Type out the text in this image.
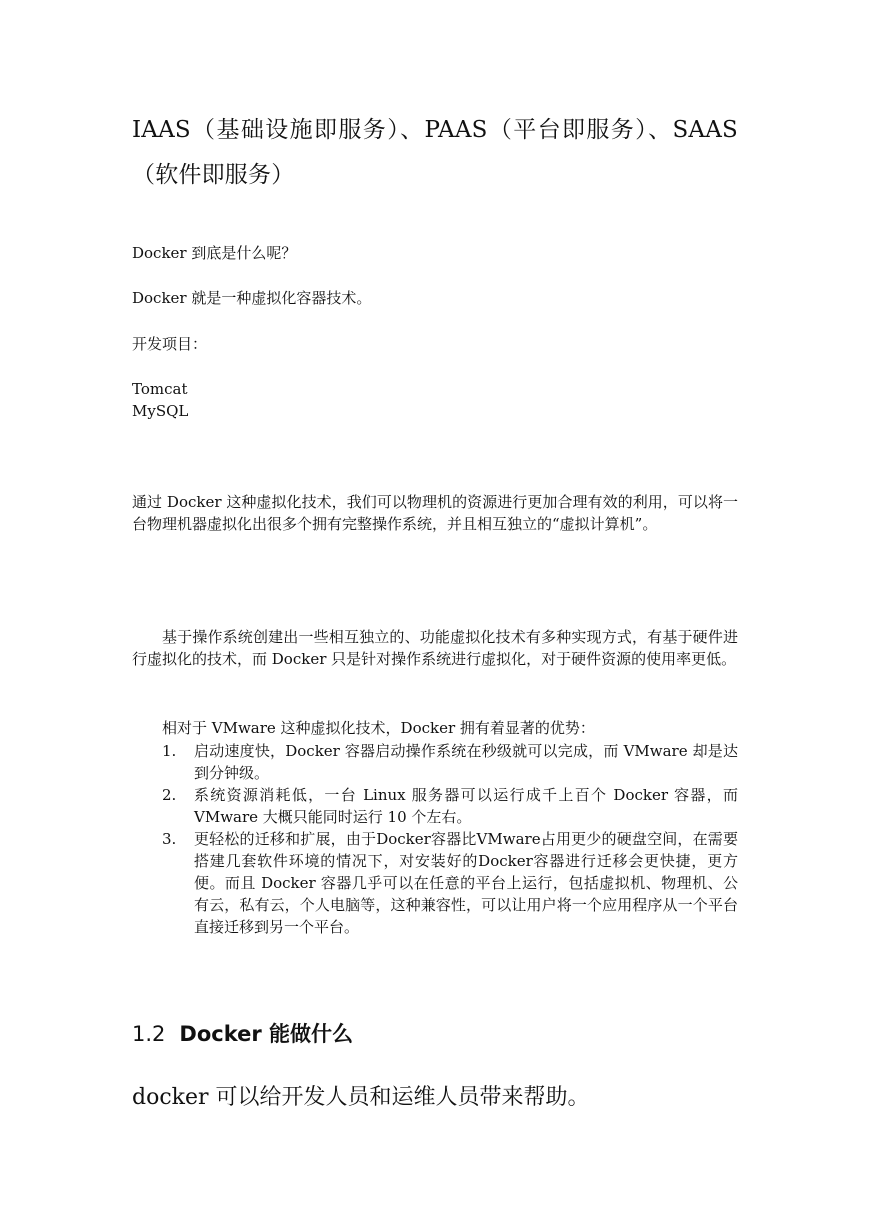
IAAS（基础设施即服务）、PAAS（平台即服务）、SAAS（软件即服务）

Docker 到底是什么呢？

Docker 就是一种虚拟化容器技术。

开发项目：

Tomcat
MySQL

通过 Docker 这种虚拟化技术，我们可以物理机的资源进行更加合理有效的利用，可以将一台物理机器虚拟化出很多个拥有完整操作系统，并且相互独立的“虚拟计算机”。

基于操作系统创建出一些相互独立的、功能虚拟化技术有多种实现方式，有基于硬件进行虚拟化的技术，而 Docker 只是针对操作系统进行虚拟化，对于硬件资源的使用率更低。

相对于 VMware 这种虚拟化技术，Docker 拥有着显著的优势：

1. 启动速度快，Docker 容器启动操作系统在秒级就可以完成，而 VMware 却是达到分钟级。
2. 系统资源消耗低，一台 Linux 服务器可以运行成千上百个 Docker 容器，而 VMware 大概只能同时运行 10 个左右。
3. 更轻松的迁移和扩展，由于Docker容器比VMware占用更少的硬盘空间，在需要搭建几套软件环境的情况下，对安装好的Docker容器进行迁移会更快捷，更方便。而且 Docker 容器几乎可以在任意的平台上运行，包括虚拟机、物理机、公有云，私有云，个人电脑等，这种兼容性，可以让用户将一个应用程序从一个平台直接迁移到另一个平台。
1.2 Docker 能做什么

docker 可以给开发人员和运维人员带来帮助。
